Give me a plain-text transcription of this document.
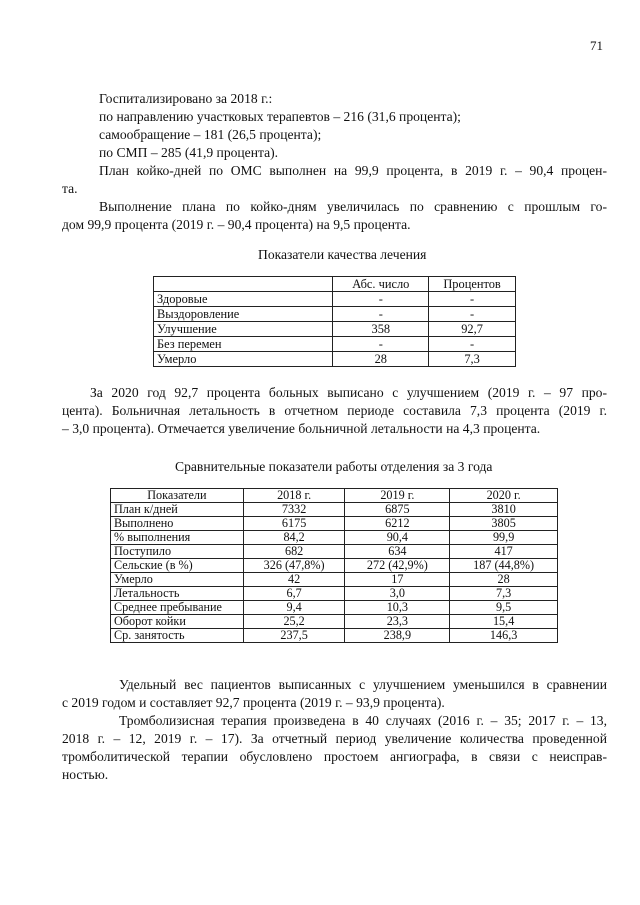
71
Госпитализировано за 2018 г.:
по направлению участковых терапевтов – 216 (31,6 процента);
самообращение – 181 (26,5 процента);
по СМП – 285 (41,9 процента).
План койко-дней по ОМС выполнен на 99,9 процента, в 2019 г. – 90,4 процен-
та.
Выполнение плана по койко-дням увеличилась по сравнению с прошлым го-
дом 99,9 процента (2019 г. – 90,4 процента) на 9,5 процента.
Показатели качества лечения
	Абс. число	Процентов
Здоровые	-	-
Выздоровление	-	-
Улучшение	358	92,7
Без перемен	-	-
Умерло	28	7,3
За 2020 год 92,7 процента больных выписано с улучшением (2019 г. – 97 про-
цента). Больничная летальность в отчетном периоде составила 7,3 процента (2019 г.
– 3,0 процента). Отмечается увеличение больничной летальности на 4,3 процента.
Сравнительные показатели работы отделения за 3 года
Показатели	2018 г.	2019 г.	2020 г.
План к/дней	7332	6875	3810
Выполнено	6175	6212	3805
% выполнения	84,2	90,4	99,9
Поступило	682	634	417
Сельские (в %)	326 (47,8%)	272 (42,9%)	187 (44,8%)
Умерло	42	17	28
Летальность	6,7	3,0	7,3
Среднее пребывание	9,4	10,3	9,5
Оборот койки	25,2	23,3	15,4
Ср. занятость	237,5	238,9	146,3
Удельный вес пациентов выписанных с улучшением уменьшился в сравнении
с 2019 годом и составляет 92,7 процента (2019 г. – 93,9 процента).
Тромболизисная терапия произведена в 40 случаях (2016 г. – 35; 2017 г. – 13,
2018 г. – 12, 2019 г. – 17). За отчетный период увеличение количества проведенной
тромболитической терапии обусловлено простоем ангиографа, в связи с неисправ-
ностью.
